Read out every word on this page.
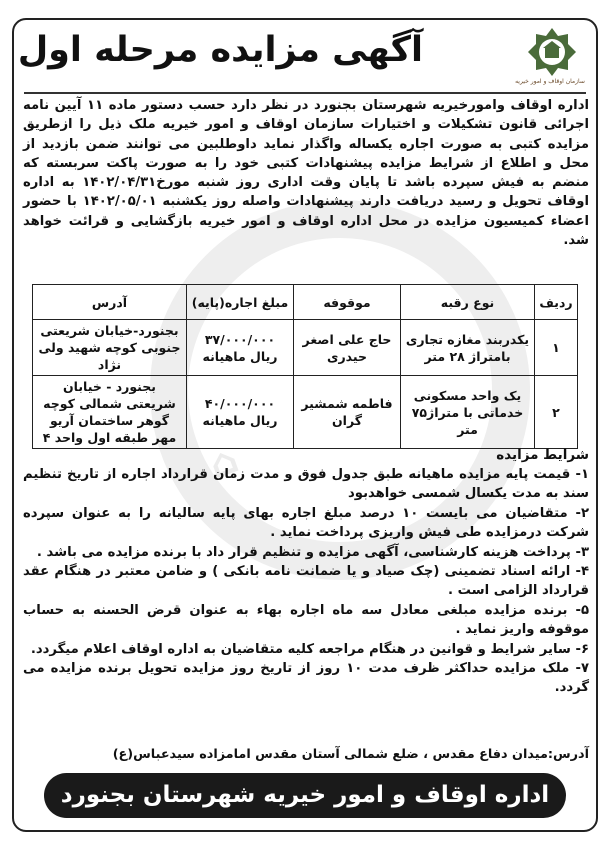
⌂
آگهی مزایده مرحله اول
سازمان اوقاف و امور خیریه
اداره اوقاف وامورخیریه شهرستان بجنورد در نظر دارد حسب دستور ماده ۱۱ آیین نامه اجرائی قانون تشکیلات و اختیارات سازمان اوقاف و امور خیریه ملک ذیل را ازطریق مزایده کتبی به صورت اجاره یکساله واگذار نماید داوطلبین می توانند ضمن بازدید از محل و اطلاع از شرایط مزایده پیشنهادات کتبی خود را به صورت پاکت سربسته که منضم به فیش سپرده باشد تا پایان وقت اداری روز شنبه مورخ۱۴۰۲/۰۴/۳۱ به اداره اوقاف تحویل و رسید دریافت دارند پیشنهادات واصله روز یکشنبه ۱۴۰۲/۰۵/۰۱ با حضور اعضاء کمیسیون مزایده در محل اداره اوقاف و امور خیریه بازگشایی و قرائت خواهد شد.
ردیف	نوع رقبه	موقوفه	مبلغ اجاره(پایه)	آدرس
۱	یکدربند مغازه تجاری بامتراژ ۲۸ متر	حاج علی اصغر حیدری	۳۷/۰۰۰/۰۰۰ ریال ماهیانه	بجنورد-خیابان شریعتی جنوبی کوچه شهید ولی نژاد
۲	یک واحد مسکونی خدماتی با متراژ۷۵ متر	فاطمه شمشیر گران	۴۰/۰۰۰/۰۰۰ ریال ماهیانه	بجنورد - خیابان شریعتی شمالی کوچه گوهر ساختمان آریو مهر طبقه اول واحد ۴
شرایط مزایده

۱- قیمت پایه مزایده ماهیانه طبق جدول فوق و مدت زمان قرارداد اجاره از تاریخ تنظیم سند به مدت یکسال شمسی خواهدبود

۲- متقاضیان می بایست ۱۰ درصد مبلغ اجاره بهای پایه سالیانه را به عنوان سپرده شرکت درمزایده طی فیش واریزی پرداخت نماید .

۳- پرداخت هزینه کارشناسی، آگهی مزایده و تنظیم قرار داد با برنده مزایده می باشد .

۴- ارائه اسناد تضمینی (چک صیاد و یا ضمانت نامه بانکی ) و ضامن معتبر در هنگام عقد قرارداد الزامی است .

۵- برنده مزایده مبلغی معادل سه ماه اجاره بهاء به عنوان قرض الحسنه به حساب موقوفه واریز نماید .

۶- سایر شرایط و قوانین در هنگام مراجعه کلیه متقاضیان به اداره اوقاف اعلام میگردد.

۷- ملک مزایده حداکثر ظرف مدت ۱۰ روز از تاریخ روز مزایده تحویل برنده مزایده می گردد.

آدرس:میدان دفاع مقدس ، ضلع شمالی آستان مقدس امامزاده سیدعباس(ع)
اداره اوقاف و امور خیریه شهرستان بجنورد
